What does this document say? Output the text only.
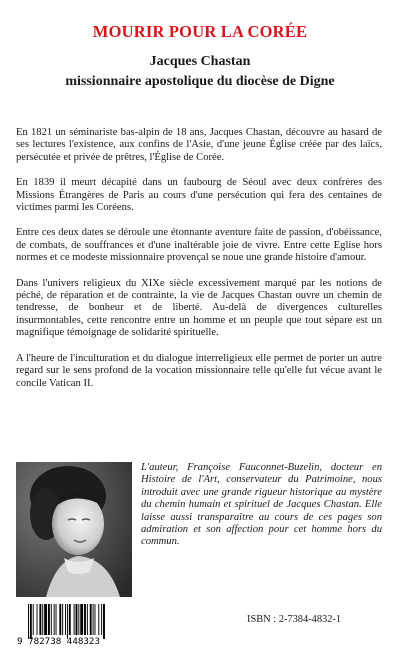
MOURIR POUR LA CORÉE
Jacques Chastan
missionnaire apostolique du diocèse de Digne

En 1821 un séminariste bas-alpin de 18 ans, Jacques Chastan, découvre au hasard de ses lectures l'existence, aux confins de l'Asie, d'une jeune Église créée par des laïcs, persécutée et privée de prêtres, l'Église de Corée.

En 1839 il meurt décapité dans un faubourg de Séoul avec deux confrères des Missions Étrangères de Paris au cours d'une persécution qui fera des centaines de victimes parmi les Coréens.

Entre ces deux dates se déroule une étonnante aventure faite de passion, d'obéissance, de combats, de souffrances et d'une inaltérable joie de vivre. Entre cette Eglise hors normes et ce modeste missionnaire provençal se noue une grande histoire d'amour.

Dans l'univers religieux du XIXe siècle excessivement marqué par les notions de péché, de réparation et de contrainte, la vie de Jacques Chastan ouvre un chemin de tendresse, de bonheur et de liberté. Au-delà de divergences culturelles insurmontables, cette rencontre entre un homme et un peuple que tout sépare est un magnifique témoignage de solidarité spirituelle.

A l'heure de l'inculturation et du dialogue interreligieux elle permet de porter un autre regard sur le sens profond de la vocation missionnaire telle qu'elle fut vécue avant le concile Vatican II.

L'auteur, Françoise Fauconnet-Buzelin, docteur en Histoire de l'Art, conservateur du Patrimoine, nous introduit avec une grande rigueur historique au mystère du chemin humain et spirituel de Jacques Chastan. Elle laisse aussi transparaître au cours de ces pages son admiration et son affection pour cet homme hors du commun.

9 782738 448323
ISBN : 2-7384-4832-1
